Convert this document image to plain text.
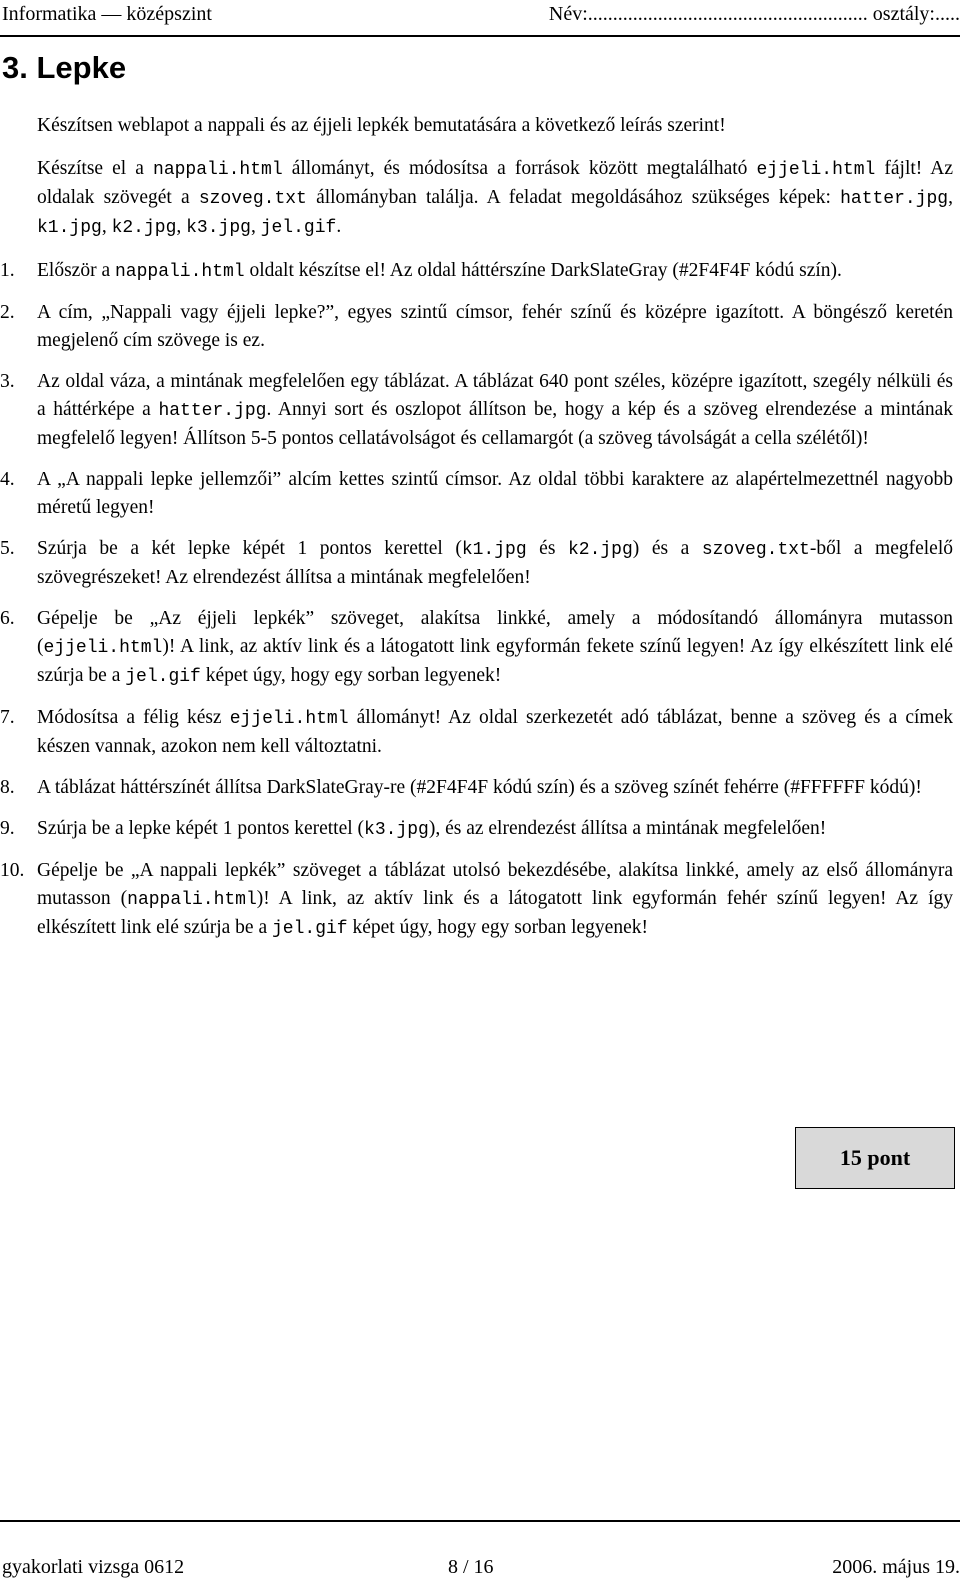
Informatika — középszint	Név:........................................................ osztály:.....
3. Lepke

Készítsen weblapot a nappali és az éjjeli lepkék bemutatására a következő leírás szerint!

Készítse el a nappali.html állományt, és módosítsa a források között megtalálható ejjeli.html fájlt! Az oldalak szövegét a szoveg.txt állományban találja. A feladat megoldásához szükséges képek: hatter.jpg, k1.jpg, k2.jpg, k3.jpg, jel.gif.

1. Először a nappali.html oldalt készítse el! Az oldal háttérszíne DarkSlateGray (#2F4F4F kódú szín).
2. A cím, „Nappali vagy éjjeli lepke?”, egyes szintű címsor, fehér színű és középre igazított. A böngésző keretén megjelenő cím szövege is ez.
3. Az oldal váza, a mintának megfelelően egy táblázat. A táblázat 640 pont széles, középre igazított, szegély nélküli és a háttérképe a hatter.jpg. Annyi sort és oszlopot állítson be, hogy a kép és a szöveg elrendezése a mintának megfelelő legyen! Állítson 5-5 pontos cellatávolságot és cellamargót (a szöveg távolságát a cella szélétől)!
4. A „A nappali lepke jellemzői” alcím kettes szintű címsor. Az oldal többi karaktere az alapértelmezettnél nagyobb méretű legyen!
5. Szúrja be a két lepke képét 1 pontos kerettel (k1.jpg és k2.jpg) és a szoveg.txt-ből a megfelelő szövegrészeket! Az elrendezést állítsa a mintának megfelelően!
6. Gépelje be „Az éjjeli lepkék” szöveget, alakítsa linkké, amely a módosítandó állományra mutasson (ejjeli.html)! A link, az aktív link és a látogatott link egyformán fekete színű legyen! Az így elkészített link elé szúrja be a jel.gif képet úgy, hogy egy sorban legyenek!
7. Módosítsa a félig kész ejjeli.html állományt! Az oldal szerkezetét adó táblázat, benne a szöveg és a címek készen vannak, azokon nem kell változtatni.
8. A táblázat háttérszínét állítsa DarkSlateGray-re (#2F4F4F kódú szín) és a szöveg színét fehérre (#FFFFFF kódú)!
9. Szúrja be a lepke képét 1 pontos kerettel (k3.jpg), és az elrendezést állítsa a mintának megfelelően!
10. Gépelje be „A nappali lepkék” szöveget a táblázat utolsó bekezdésébe, alakítsa linkké, amely az első állományra mutasson (nappali.html)! A link, az aktív link és a látogatott link egyformán fehér színű legyen! Az így elkészített link elé szúrja be a jel.gif képet úgy, hogy egy sorban legyenek!
15 pont
gyakorlati vizsga 0612	8 / 16	2006. május 19.
